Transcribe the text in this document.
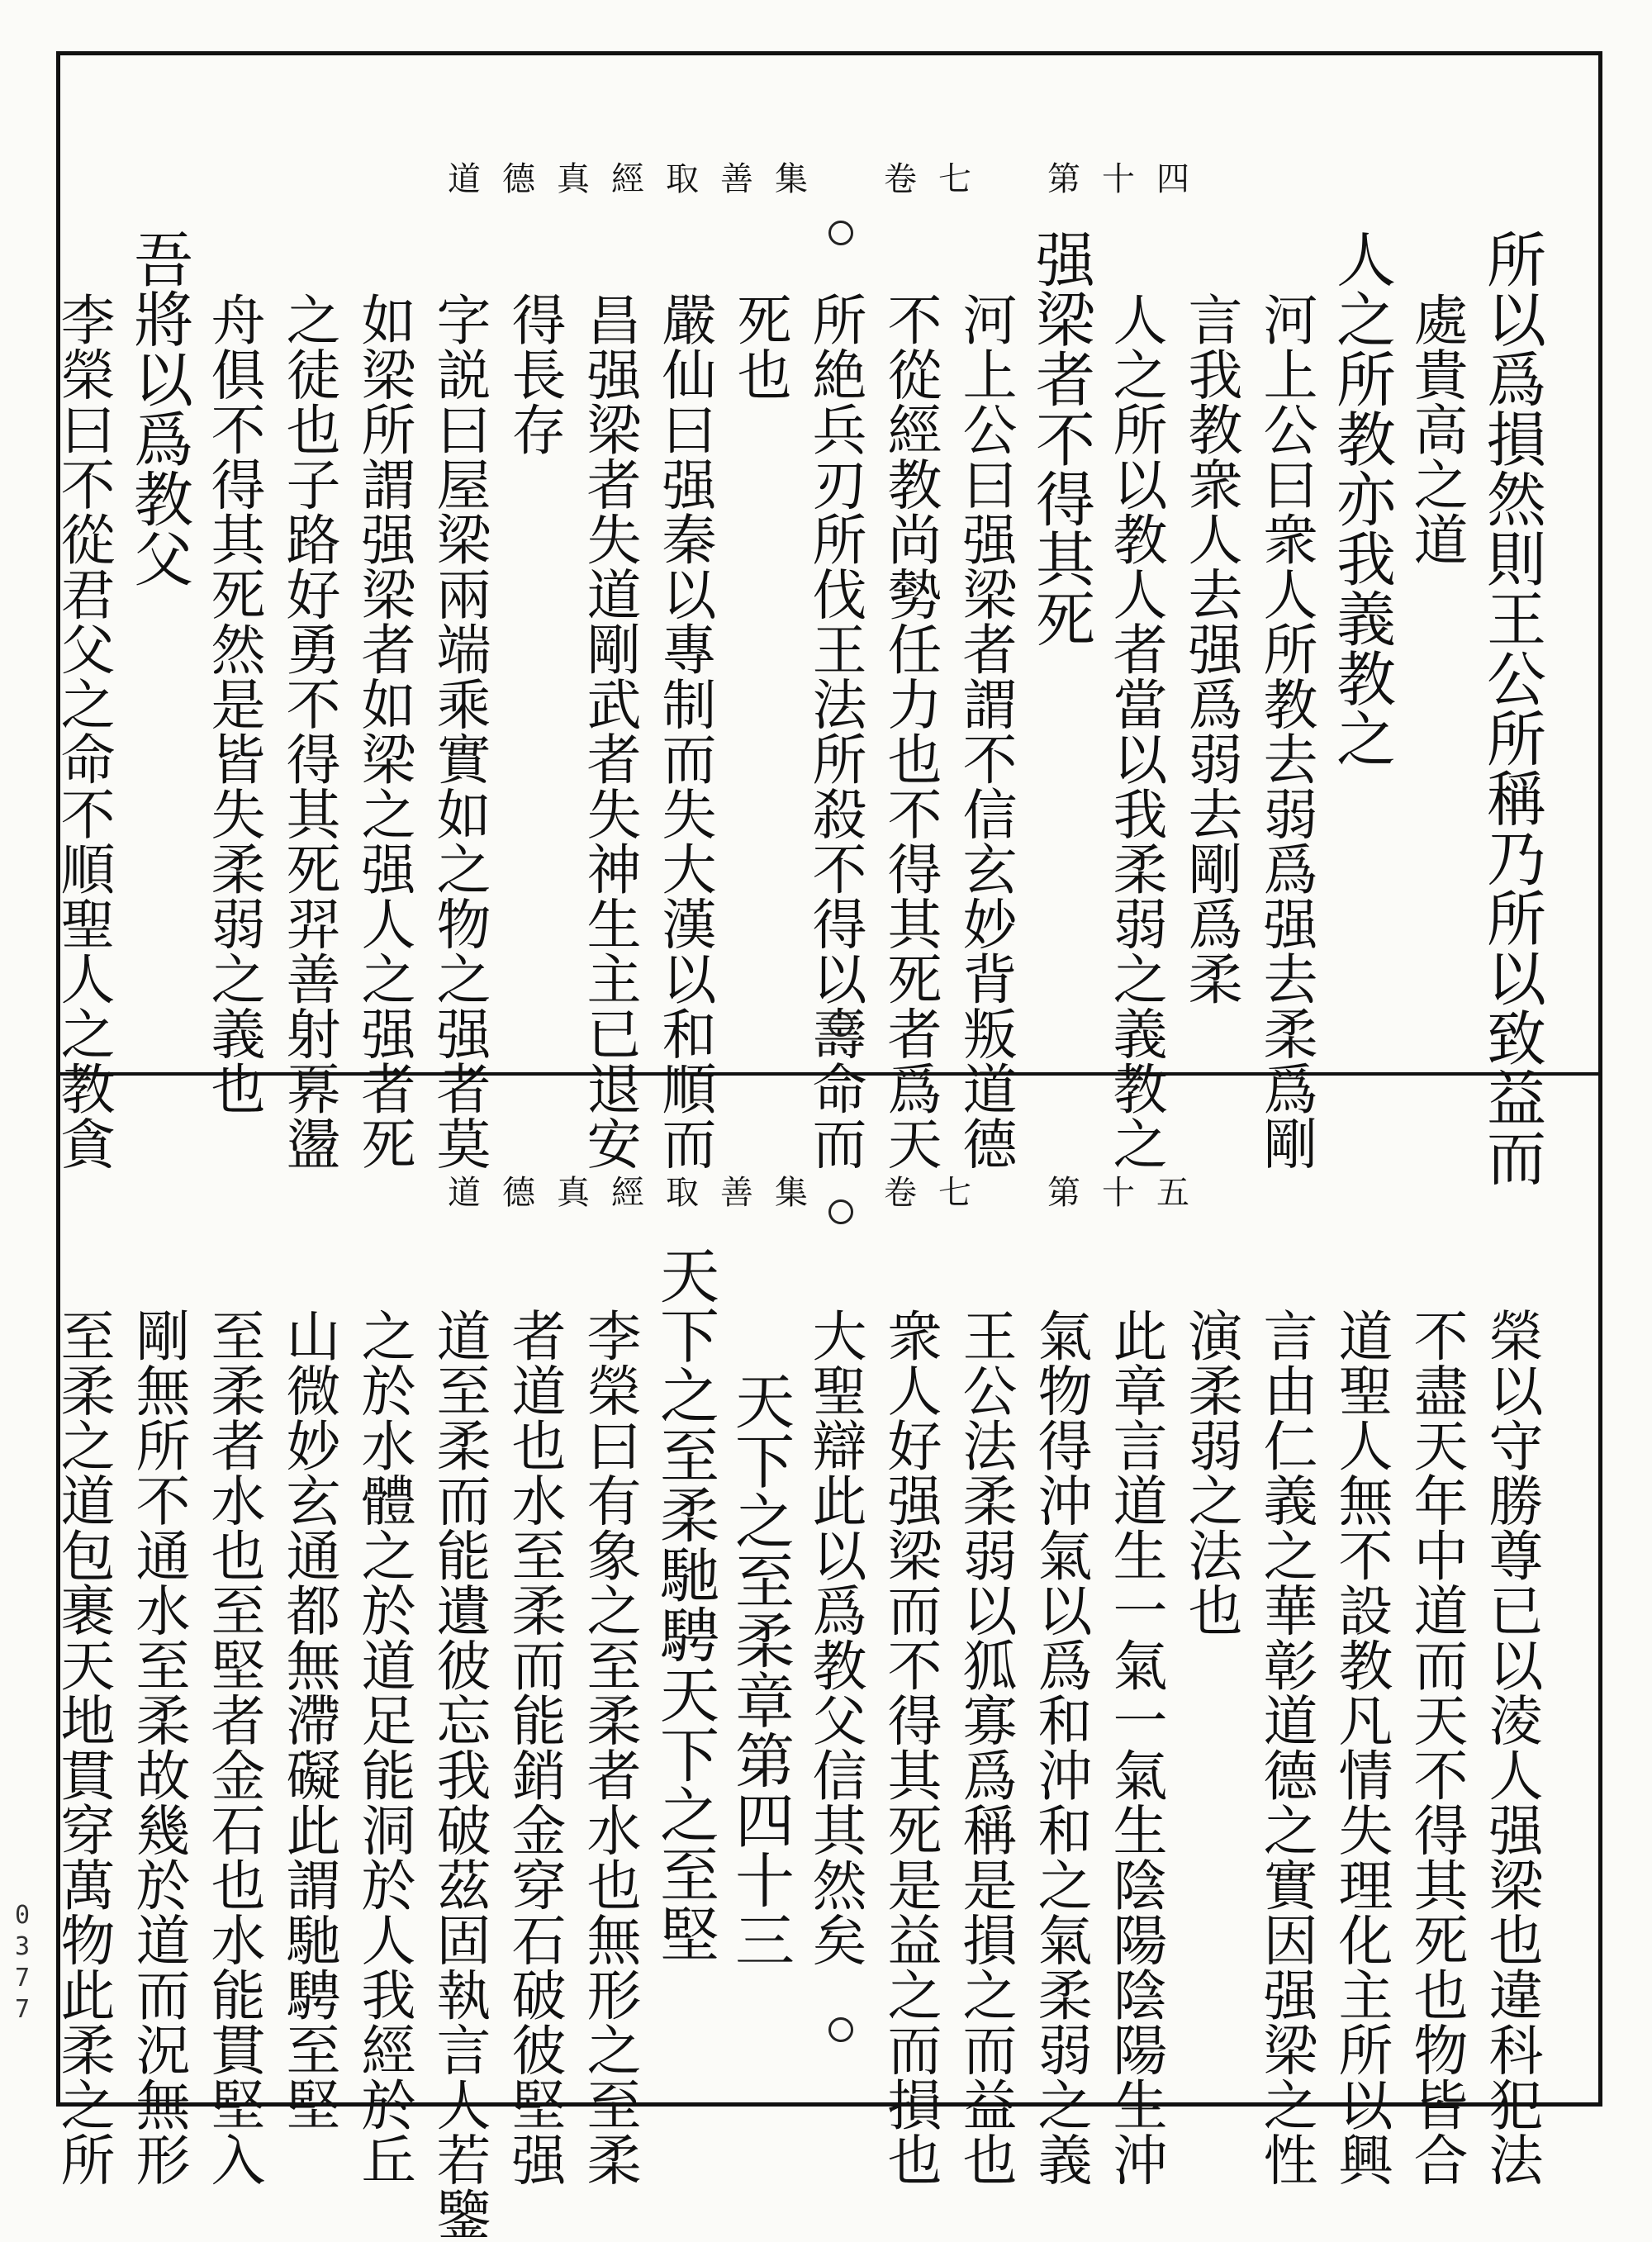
道德真經取善集　卷七　第十四
所以爲損然則王公所稱乃所以致益而
處貴高之道
人之所教亦我義教之
河上公曰衆人所教去弱爲强去柔爲剛
言我教衆人去强爲弱去剛爲柔
人之所以教人者當以我柔弱之義教之
强梁者不得其死
河上公曰强梁者謂不信玄妙背叛道德
不從經教尚勢任力也不得其死者爲天
所絶兵刃所伐王法所殺不得以壽命而
死也
嚴仙曰强秦以專制而失大漢以和順而
昌强梁者失道剛武者失神生主已退安
得長存
字説曰屋梁兩端乘實如之物之强者莫
如梁所謂强梁者如梁之强人之强者死
之徒也子路好勇不得其死羿善射奡盪
舟俱不得其死然是皆失柔弱之義也
吾將以爲教父
李榮曰不從君父之命不順聖人之教貪
道德真經取善集　卷七　第十五
榮以守勝尊已以淩人强梁也違科犯法
不盡天年中道而天不得其死也物皆合
道聖人無不設教凡情失理化主所以興
言由仁義之華彰道德之實因强梁之性
演柔弱之法也
此章言道生一氣一氣生陰陽陰陽生沖
氣物得沖氣以爲和沖和之氣柔弱之義
王公法柔弱以狐寡爲稱是損之而益也
衆人好强梁而不得其死是益之而損也
大聖辯此以爲教父信其然矣
天下之至柔章第四十三
天下之至柔馳騁天下之至堅
李榮曰有象之至柔者水也無形之至柔
者道也水至柔而能銷金穿石破彼堅强
道至柔而能遺彼忘我破茲固執言人若鑒
之於水體之於道足能洞於人我經於丘
山微妙玄通都無滯礙此謂馳騁至堅
至柔者水也至堅者金石也水能貫堅入
剛無所不通水至柔故幾於道而況無形
至柔之道包裹天地貫穿萬物此柔之所
0
3
7
7
